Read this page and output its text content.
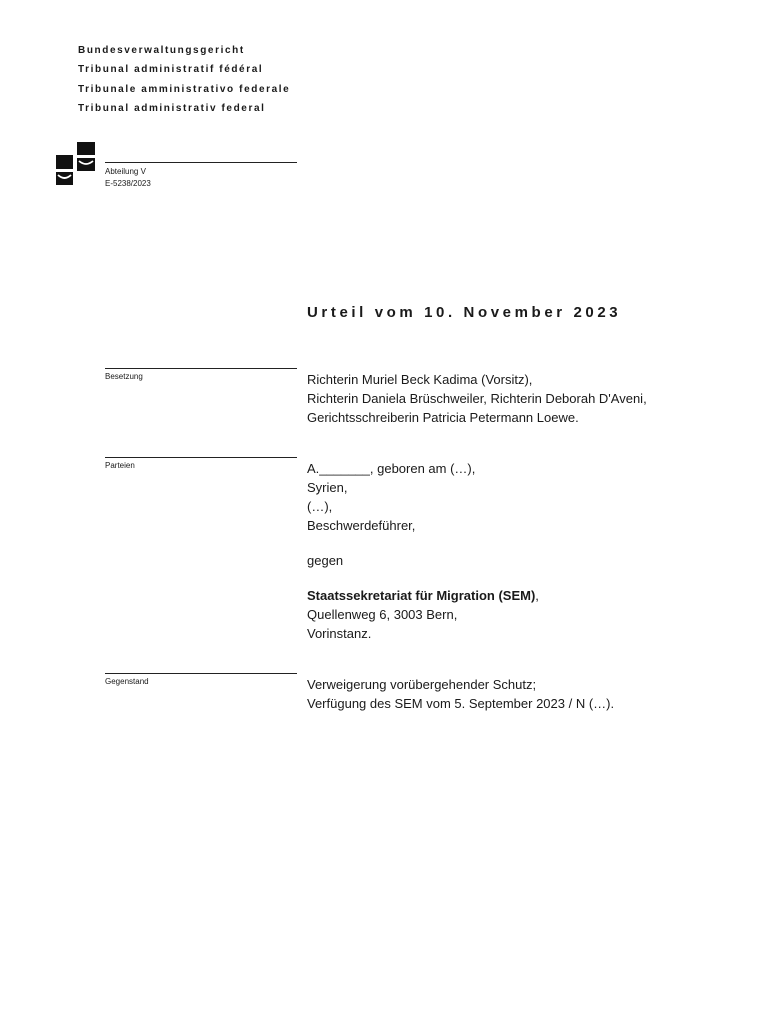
Bundesverwaltungsgericht
Tribunal administratif fédéral
Tribunale amministrativo federale
Tribunal administrativ federal
Abteilung V
E-5238/2023
Urteil vom 10. November 2023
Besetzung	Richterin Muriel Beck Kadima (Vorsitz),
Richterin Daniela Brüschweiler, Richterin Deborah D'Aveni,
Gerichtsschreiberin Patricia Petermann Loewe.
Parteien	A._______, geboren am (…),
Syrien,
(…),
Beschwerdeführer,
gegen
Staatssekretariat für Migration (SEM),
Quellenweg 6, 3003 Bern,
Vorinstanz.
Gegenstand	Verweigerung vorübergehender Schutz;
Verfügung des SEM vom 5. September 2023 / N (…).
